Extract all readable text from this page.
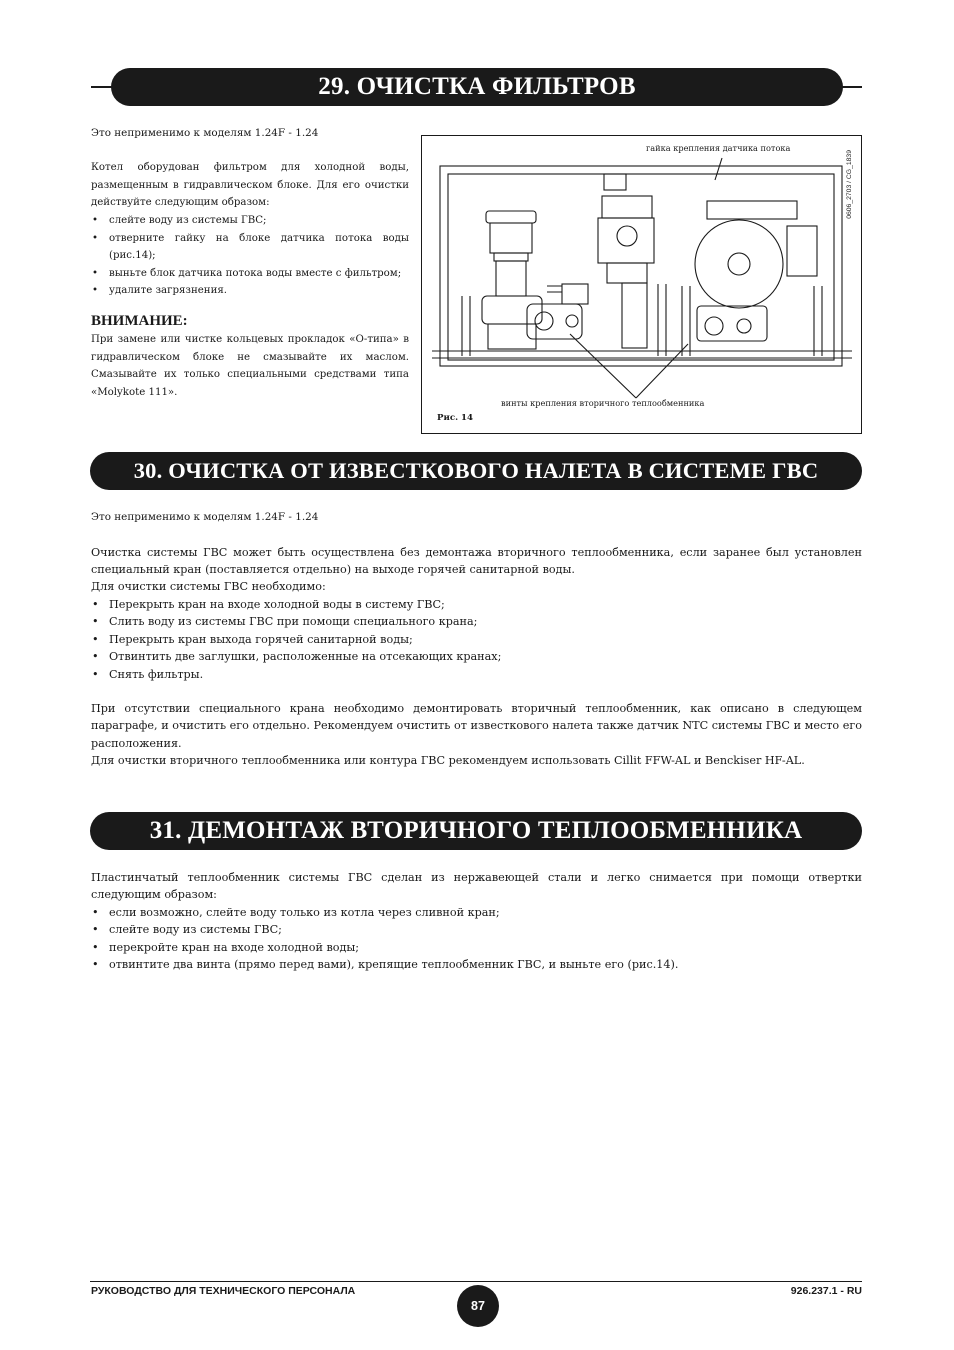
29. ОЧИСТКА ФИЛЬТРОВ
Это неприменимо к моделям 1.24F - 1.24
Котел оборудован фильтром для холодной воды, размещенным в гидравлическом блоке. Для его очистки действуйте следующим образом:
• слейте воду из системы ГВС;
• отверните гайку на блоке датчика потока воды (рис.14);
• выньте блок датчика потока воды вместе с фильтром;
• удалите загрязнения.
ВНИМАНИЕ:
При замене или чистке кольцевых прокладок «О-типа» в гидравлическом блоке не смазывайте их маслом. Смазывайте их только специальными средствами типа «Molykote 111».
гайка крепления датчика потока
винты крепления вторичного теплообменника
Рис. 14
0606_2703 / CG_1839
30. ОЧИСТКА ОТ ИЗВЕСТКОВОГО НАЛЕТА В СИСТЕМЕ ГВС
Это неприменимо к моделям 1.24F - 1.24
Очистка системы ГВС может быть осуществлена без демонтажа вторичного теплообменника, если заранее был установлен специальный кран (поставляется отдельно) на выходе горячей санитарной воды.
Для очистки системы ГВС необходимо:
• Перекрыть кран на входе холодной воды в систему ГВС;
• Слить воду из системы ГВС при помощи специального крана;
• Перекрыть кран выхода горячей санитарной воды;
• Отвинтить две заглушки, расположенные на отсекающих кранах;
• Снять фильтры.
При отсутствии специального крана необходимо демонтировать вторичный теплообменник, как описано в следующем параграфе, и очистить его отдельно. Рекомендуем очистить от известкового налета также датчик NTC системы ГВС и место его расположения.
Для очистки вторичного теплообменника или контура ГВС рекомендуем использовать Cillit FFW-AL и Benckiser HF-AL.
31. ДЕМОНТАЖ ВТОРИЧНОГО ТЕПЛООБМЕННИКА
Пластинчатый теплообменник системы ГВС сделан из нержавеющей стали и легко снимается при помощи отвертки следующим образом:
• если возможно, слейте воду только из котла через сливной кран;
• слейте воду из системы ГВС;
• перекройте кран на входе холодной воды;
• отвинтите два винта (прямо перед вами), крепящие теплообменник ГВС, и выньте его (рис.14).
РУКОВОДСТВО ДЛЯ ТЕХНИЧЕСКОГО ПЕРСОНАЛА
87
926.237.1 - RU
